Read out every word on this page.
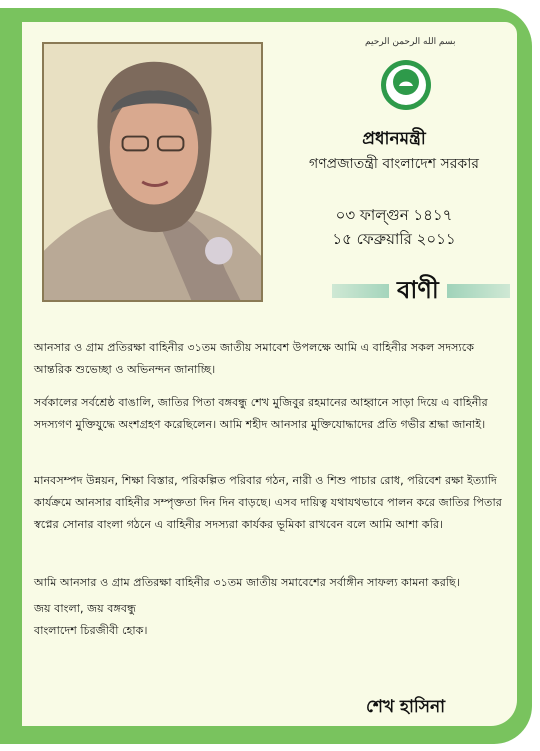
بسم الله الرحمن الرحيم
প্রধানমন্ত্রী
গণপ্রজাতন্ত্রী বাংলাদেশ সরকার
০৩ ফাল্গুন ১৪১৭
১৫ ফেব্রুয়ারি ২০১১
বাণী

আনসার ও গ্রাম প্রতিরক্ষা বাহিনীর ৩১তম জাতীয় সমাবেশ উপলক্ষে আমি এ বাহিনীর সকল সদস্যকে আন্তরিক শুভেচ্ছা ও অভিনন্দন জানাচ্ছি।

সর্বকালের সর্বশ্রেষ্ঠ বাঙালি, জাতির পিতা বঙ্গবন্ধু শেখ মুজিবুর রহমানের আহ্বানে সাড়া দিয়ে এ বাহিনীর সদস্যগণ মুক্তিযুদ্ধে অংশগ্রহণ করেছিলেন। আমি শহীদ আনসার মুক্তিযোদ্ধাদের প্রতি গভীর শ্রদ্ধা জানাই।

মানবসম্পদ উন্নয়ন, শিক্ষা বিস্তার, পরিকল্পিত পরিবার গঠন, নারী ও শিশু পাচার রোধ, পরিবেশ রক্ষা ইত্যাদি কার্যক্রমে আনসার বাহিনীর সম্পৃক্ততা দিন দিন বাড়ছে। এসব দায়িত্ব যথাযথভাবে পালন করে জাতির পিতার স্বপ্নের সোনার বাংলা গঠনে এ বাহিনীর সদস্যরা কার্যকর ভূমিকা রাখবেন বলে আমি আশা করি।

আমি আনসার ও গ্রাম প্রতিরক্ষা বাহিনীর ৩১তম জাতীয় সমাবেশের সর্বাঙ্গীন সাফল্য কামনা করছি।

জয় বাংলা, জয় বঙ্গবন্ধু
বাংলাদেশ চিরজীবী হোক।
শেখ হাসিনা
